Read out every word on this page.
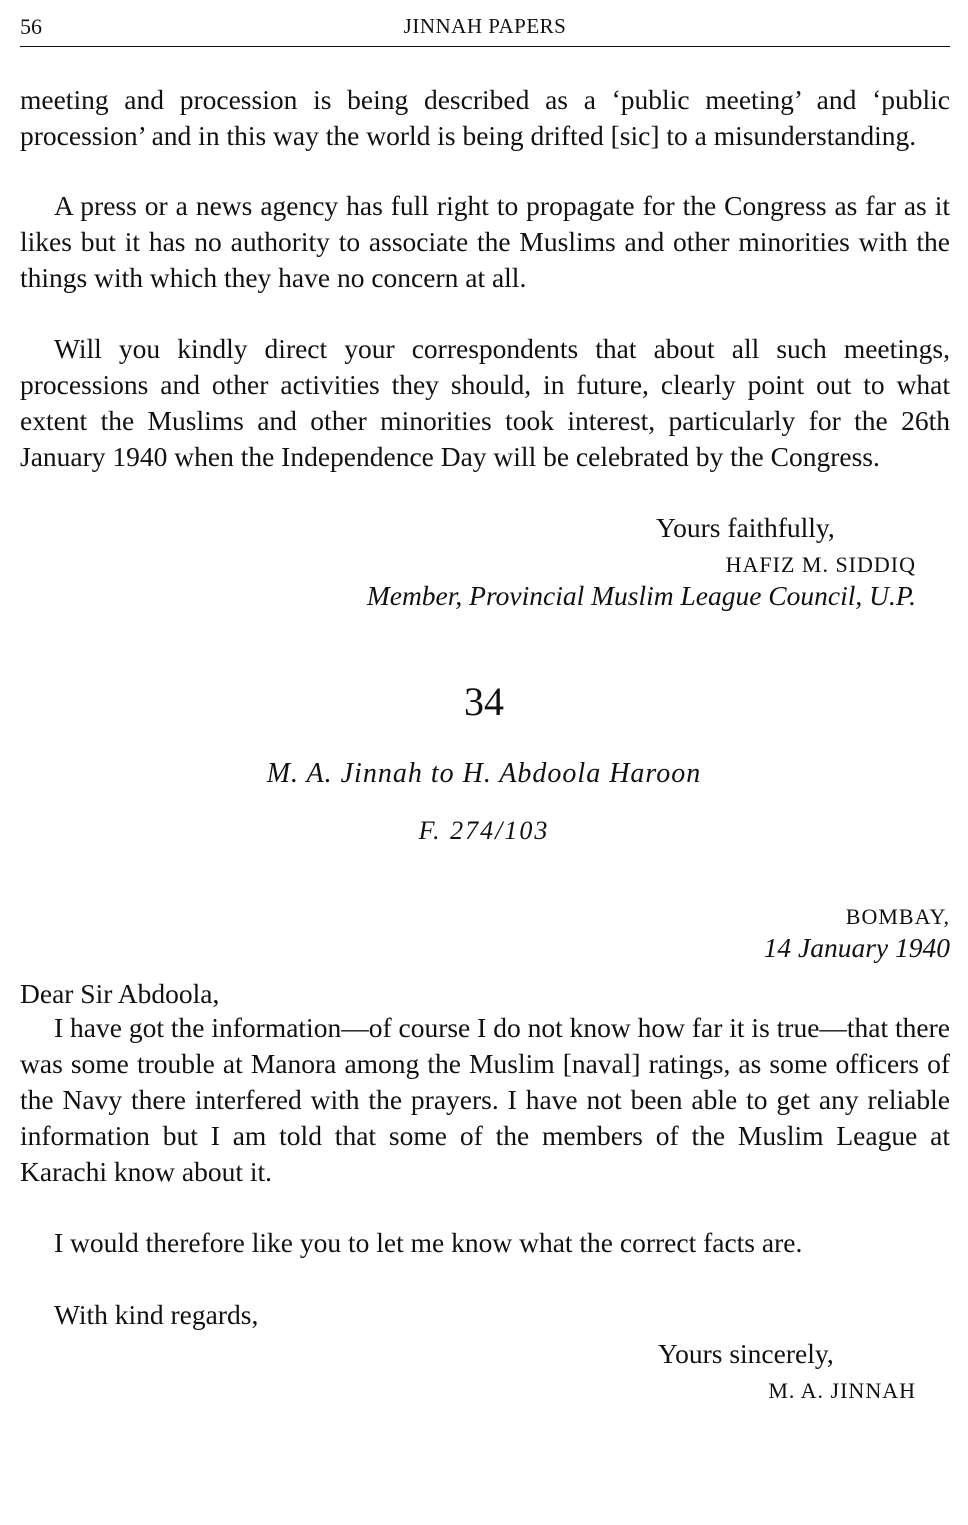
56	JINNAH PAPERS

meeting and procession is being described as a ‘public meeting’ and ‘public procession’ and in this way the world is being drifted [sic] to a misunderstanding.

A press or a news agency has full right to propagate for the Congress as far as it likes but it has no authority to associate the Muslims and other minorities with the things with which they have no concern at all.

Will you kindly direct your correspondents that about all such meetings, processions and other activities they should, in future, clearly point out to what extent the Muslims and other minorities took interest, particularly for the 26th January 1940 when the Independence Day will be celebrated by the Congress.

Yours faithfully,

HAFIZ M. SIDDIQ

Member, Provincial Muslim League Council, U.P.

34

M. A. Jinnah to H. Abdoola Haroon

F. 274/103

BOMBAY,

14 January 1940

Dear Sir Abdoola,

I have got the information—of course I do not know how far it is true—that there was some trouble at Manora among the Muslim [naval] ratings, as some officers of the Navy there interfered with the prayers. I have not been able to get any reliable information but I am told that some of the members of the Muslim League at Karachi know about it.

I would therefore like you to let me know what the correct facts are.

With kind regards,

Yours sincerely,

M. A. JINNAH
